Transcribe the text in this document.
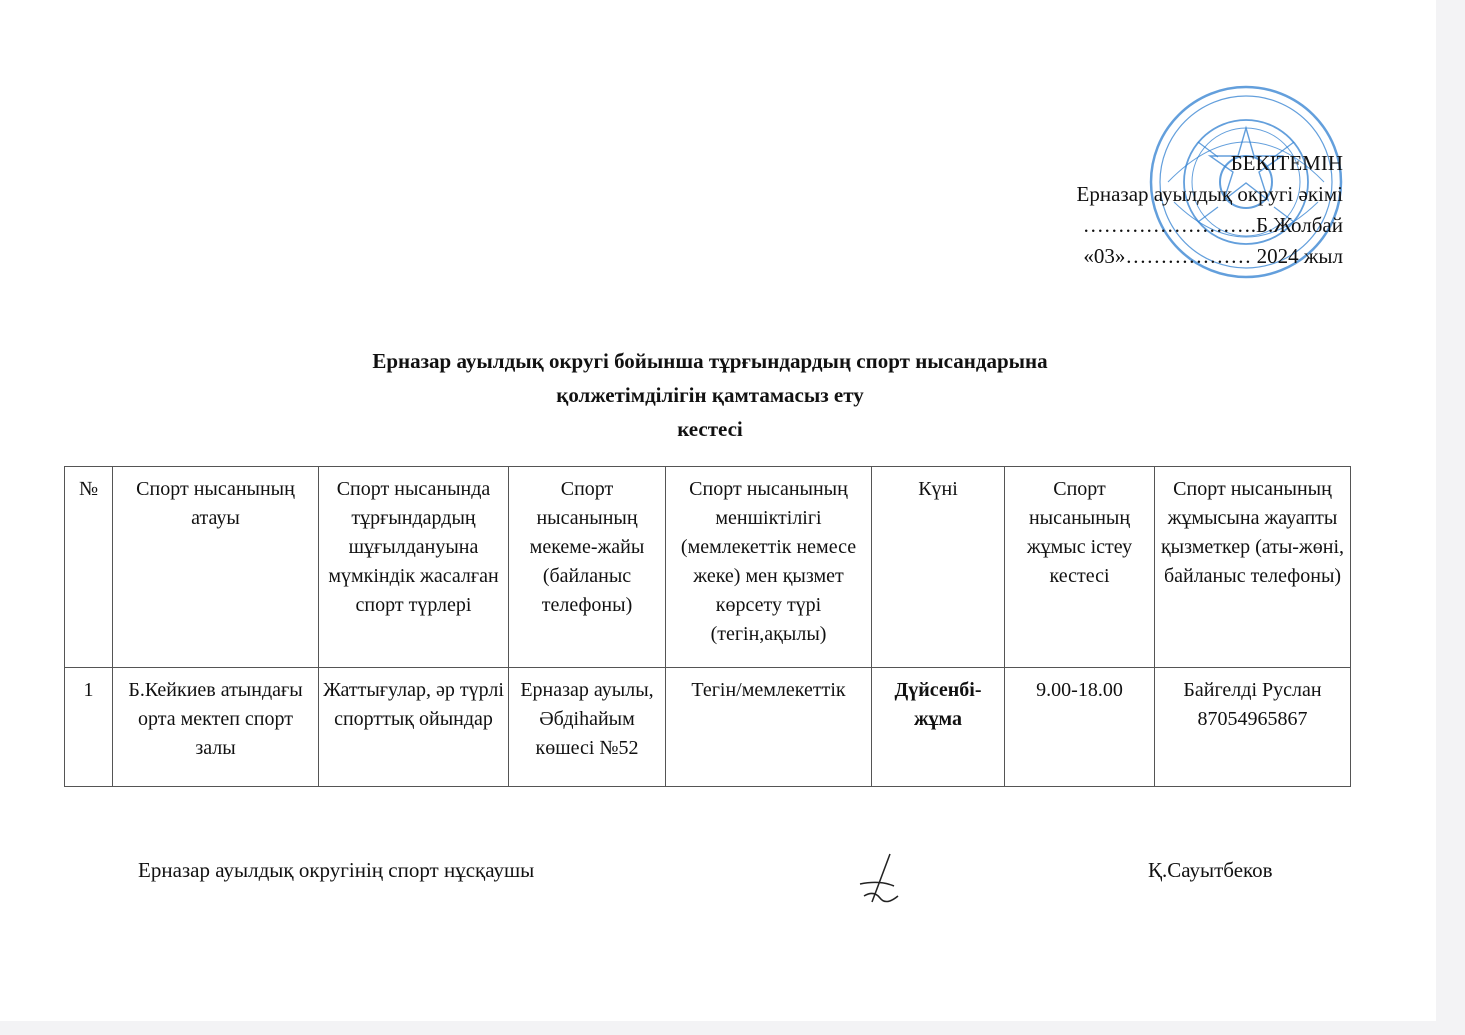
БЕКІТЕМІН
Ерназар ауылдық округі әкімі
…………………….Б.Жолбай
«03»……………… 2024 жыл
Ерназар ауылдық округі бойынша тұрғындардың спорт нысандарына
қолжетімділігін қамтамасыз ету
кестесі
№	Спорт нысанының атауы	Спорт нысанында тұрғындардың шұғылдануына мүмкіндік жасалған спорт түрлері	Спорт нысанының мекеме-жайы (байланыс телефоны)	Спорт нысанының меншіктілігі (мемлекеттік немесе жеке) мен қызмет көрсету түрі (тегін,ақылы)	Күні	Спорт нысанының жұмыс істеу кестесі	Спорт нысанының жұмысына жауапты қызметкер (аты-жөні, байланыс телефоны)
1	Б.Кейкиев атындағы орта мектеп спорт залы	Жаттығулар, әр түрлі спорттық ойындар	Ерназар ауылы, Әбдіһайым көшесі №52	Тегін/мемлекеттік	Дүйсенбі-жұма	9.00-18.00	Байгелді Руслан 87054965867
Ерназар ауылдық округінің спорт нұсқаушы	Қ.Сауытбеков
